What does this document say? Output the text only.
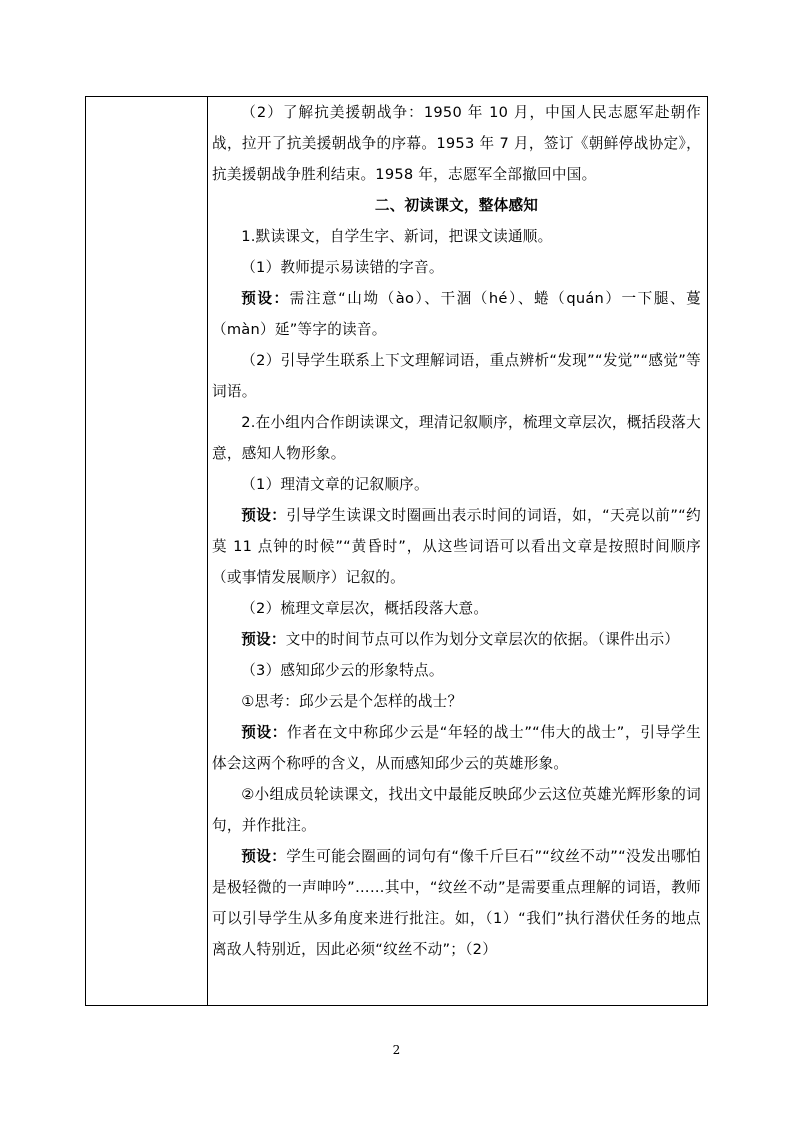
（2）了解抗美援朝战争：1950 年 10 月，中国人民志愿军赴朝作战，拉开了抗美援朝战争的序幕。1953 年 7 月，签订《朝鲜停战协定》，抗美援朝战争胜利结束。1958 年，志愿军全部撤回中国。

二、初读课文，整体感知

1.默读课文，自学生字、新词，把课文读通顺。

（1）教师提示易读错的字音。

预设：需注意“山坳（ào）、干涸（hé）、蜷（quán）一下腿、蔓（màn）延”等字的读音。

（2）引导学生联系上下文理解词语，重点辨析“发现”“发觉”“感觉”等词语。

2.在小组内合作朗读课文，理清记叙顺序，梳理文章层次，概括段落大意，感知人物形象。

（1）理清文章的记叙顺序。

预设：引导学生读课文时圈画出表示时间的词语，如，“天亮以前”“约莫 11 点钟的时候”“黄昏时”，从这些词语可以看出文章是按照时间顺序（或事情发展顺序）记叙的。

（2）梳理文章层次，概括段落大意。

预设：文中的时间节点可以作为划分文章层次的依据。（课件出示）

（3）感知邱少云的形象特点。

①思考：邱少云是个怎样的战士？

预设：作者在文中称邱少云是“年轻的战士”“伟大的战士”，引导学生体会这两个称呼的含义，从而感知邱少云的英雄形象。

②小组成员轮读课文，找出文中最能反映邱少云这位英雄光辉形象的词句，并作批注。

预设：学生可能会圈画的词句有“像千斤巨石”“纹丝不动”“没发出哪怕是极轻微的一声呻吟”……其中，“纹丝不动”是需要重点理解的词语，教师可以引导学生从多角度来进行批注。如，（1）“我们”执行潜伏任务的地点离敌人特别近，因此必须“纹丝不动”；（2）

2
